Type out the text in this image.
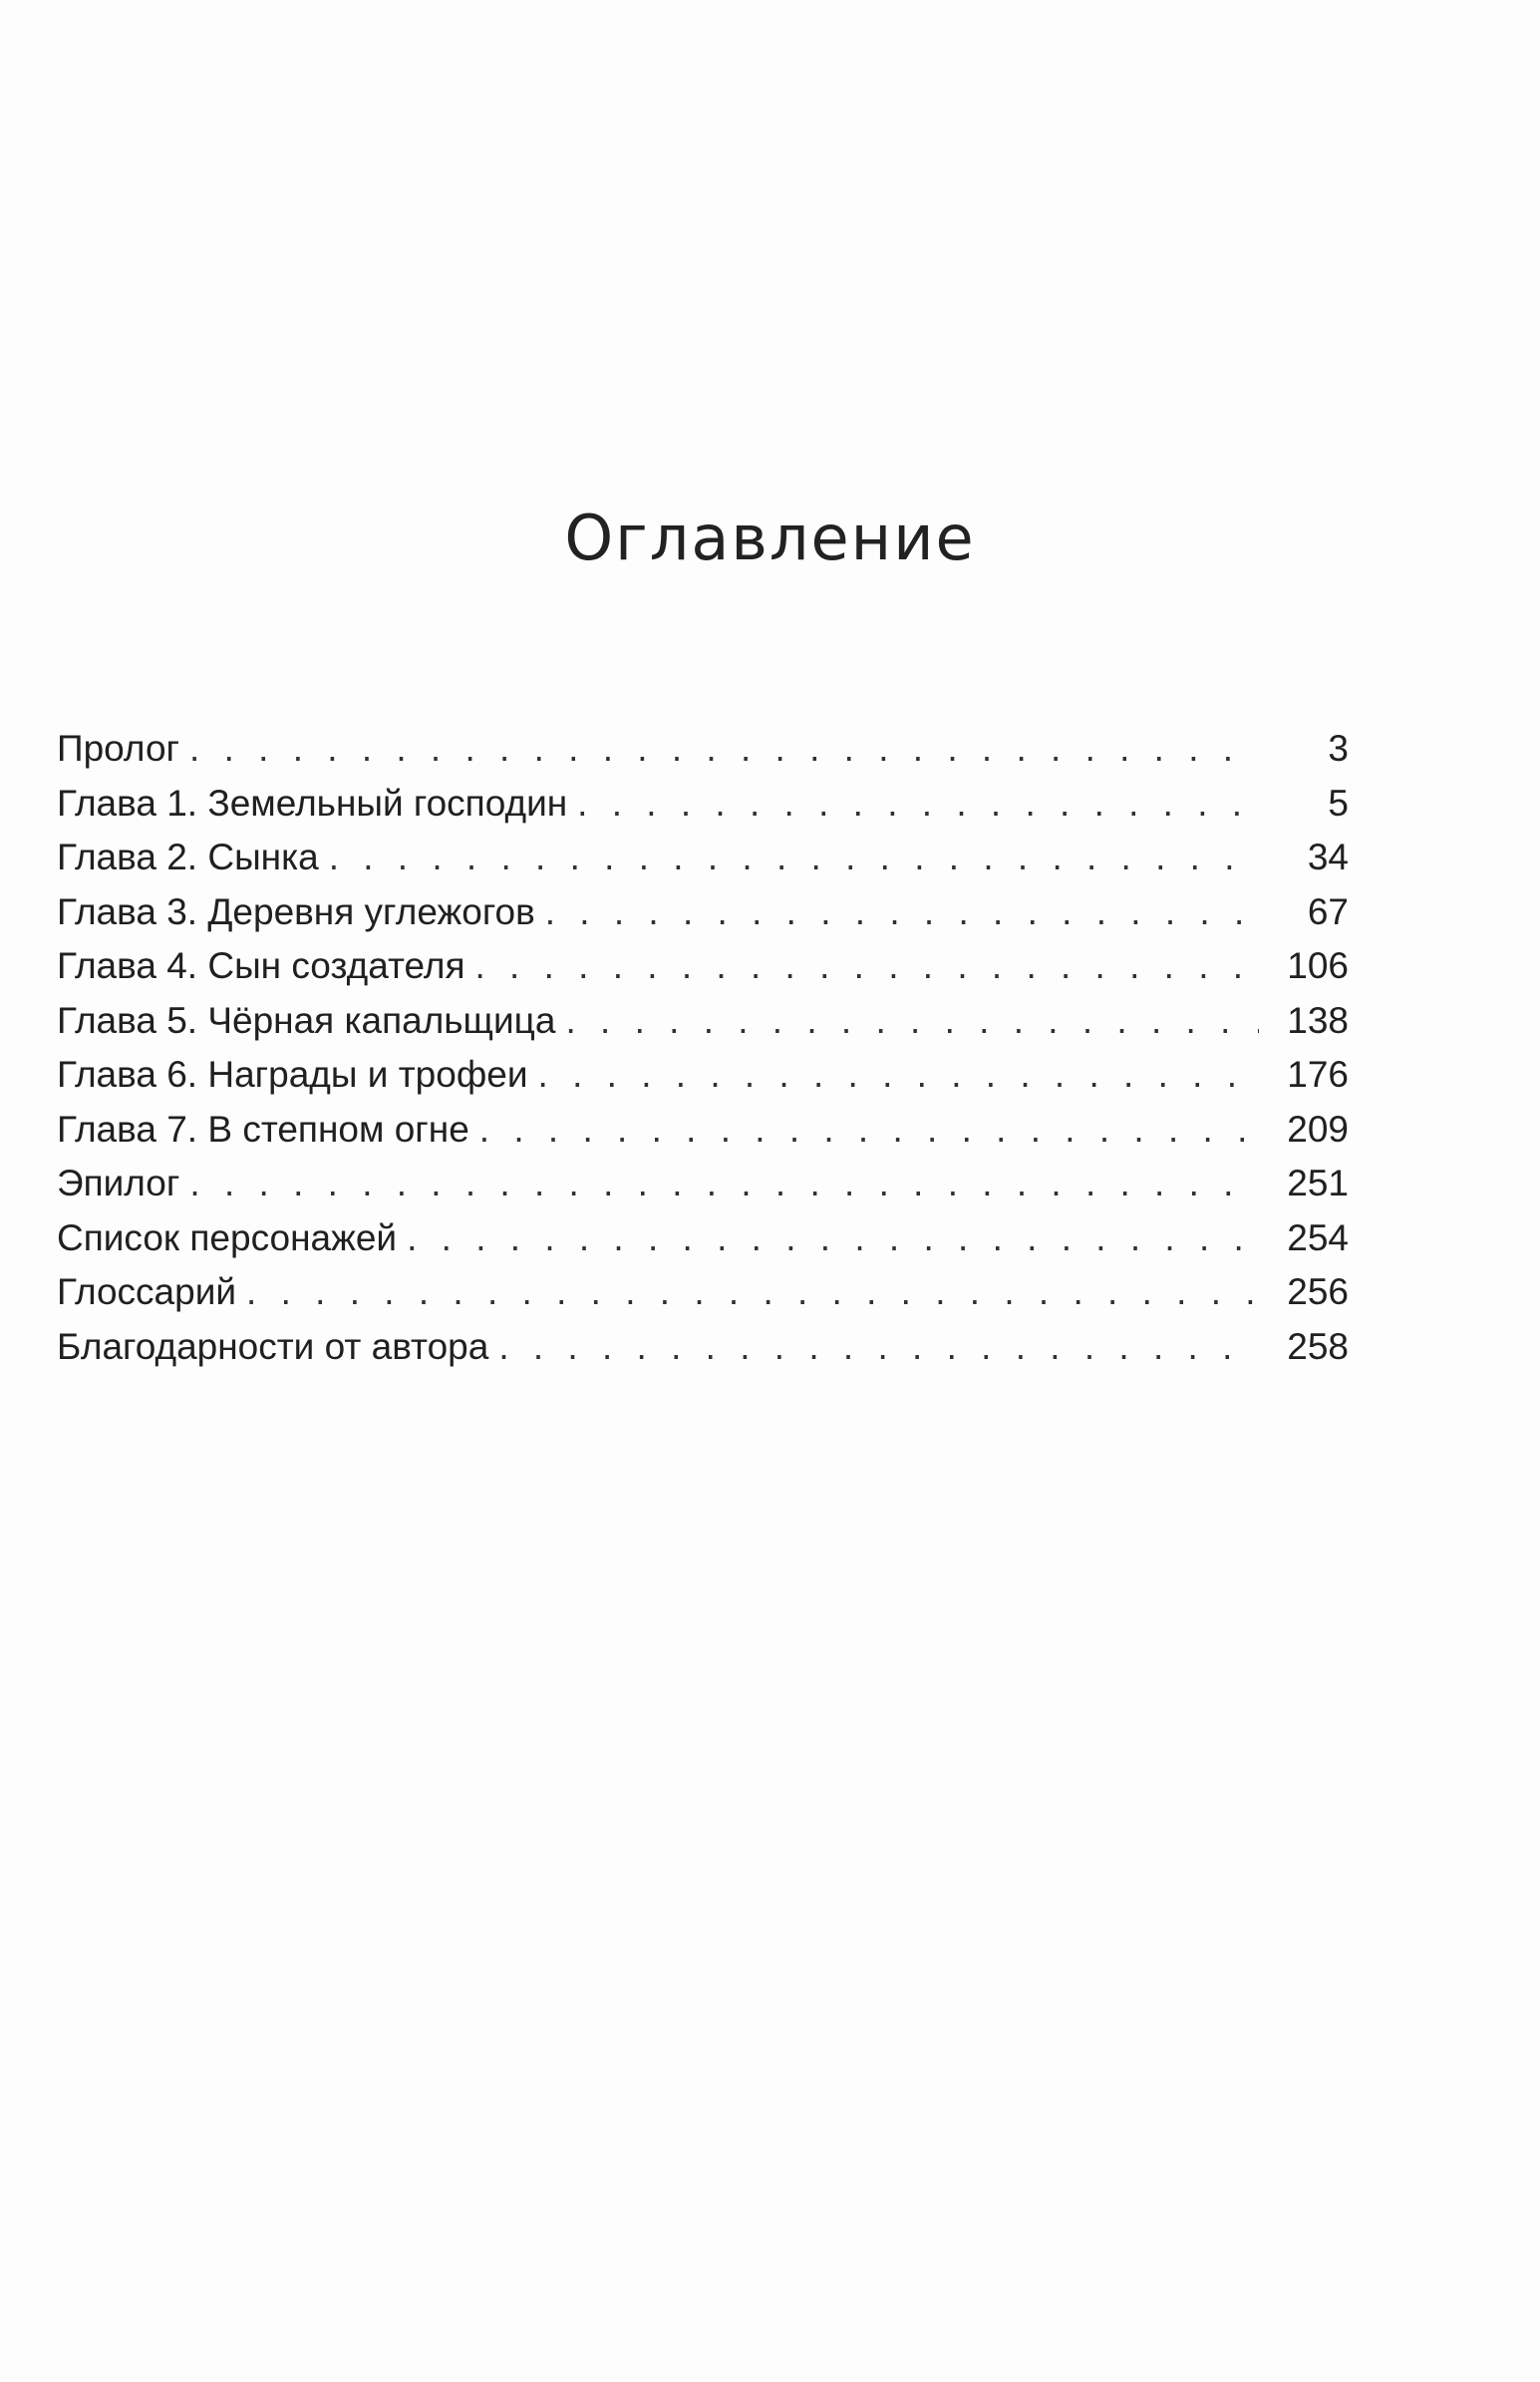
Оглавление
Пролог . . .	3
Глава 1. Земельный господин . . .	5
Глава 2. Сынка . . .	34
Глава 3. Деревня углежогов . . .	67
Глава 4. Сын создателя . . .	106
Глава 5. Чёрная капальщица . . .	138
Глава 6. Награды и трофеи . . .	176
Глава 7. В степном огне . . .	209
Эпилог . . .	251
Список персонажей . . .	254
Глоссарий . . .	256
Благодарности от автора . . .	258
